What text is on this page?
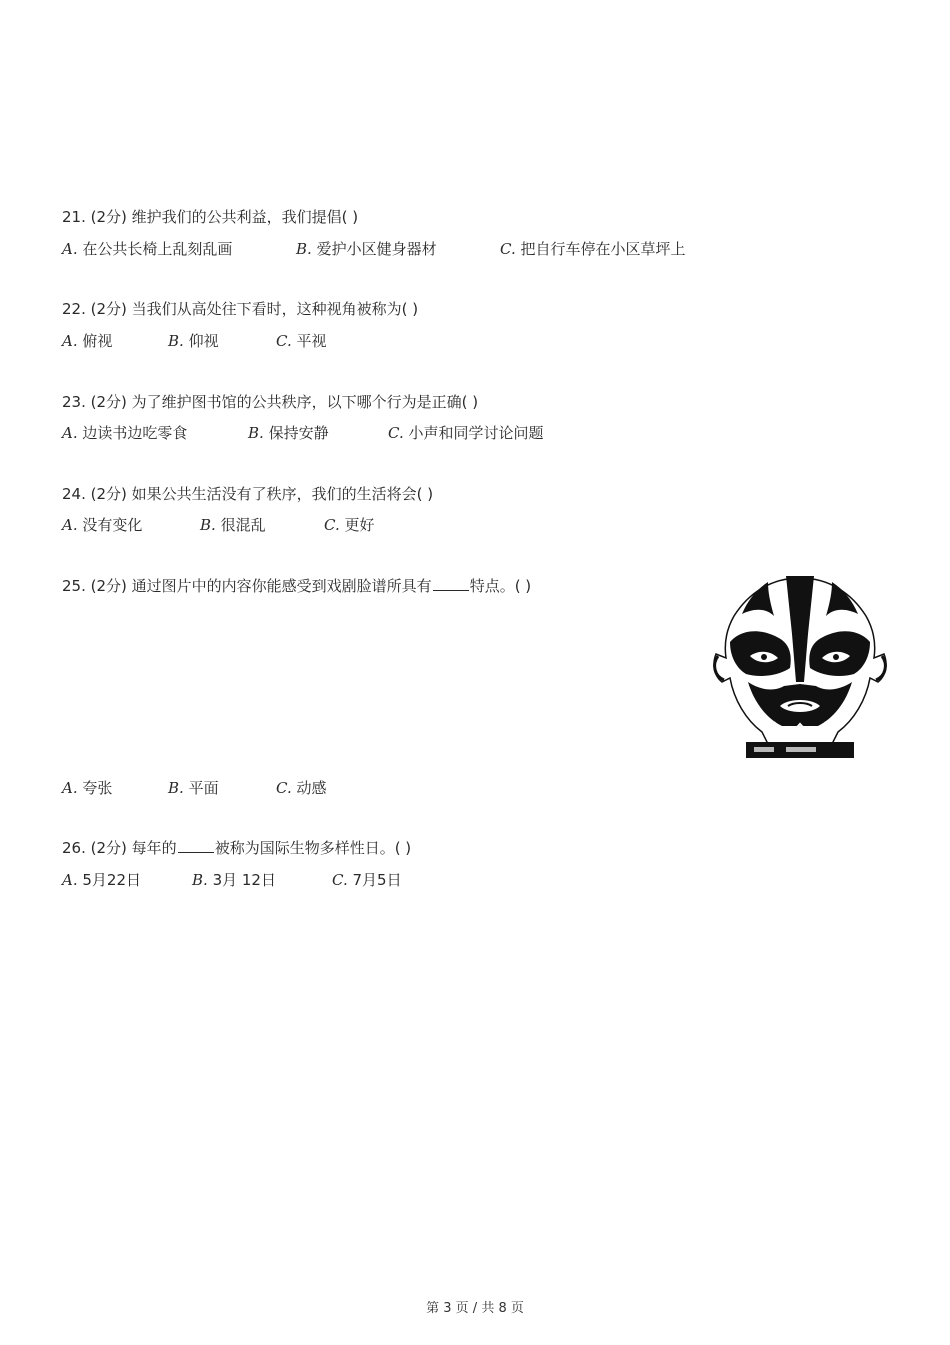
21. (2分) 维护我们的公共利益，我们提倡( )
A. 在公共长椅上乱刻乱画	B. 爱护小区健身器材	C. 把自行车停在小区草坪上
22. (2分) 当我们从高处往下看时，这种视角被称为( )
A. 俯视	B. 仰视	C. 平视
23. (2分) 为了维护图书馆的公共秩序，以下哪个行为是正确( )
A. 边读书边吃零食	B. 保持安静	C. 小声和同学讨论问题
24. (2分) 如果公共生活没有了秩序，我们的生活将会( )
A. 没有变化	B. 很混乱	C. 更好
25. (2分) 通过图片中的内容你能感受到戏剧脸谱所具有	特点。( )
A. 夸张	B. 平面	C. 动感
26. (2分) 每年的	被称为国际生物多样性日。( )
A. 5月22日	B. 3月 12日	C. 7月5日
第 3 页 / 共 8 页
